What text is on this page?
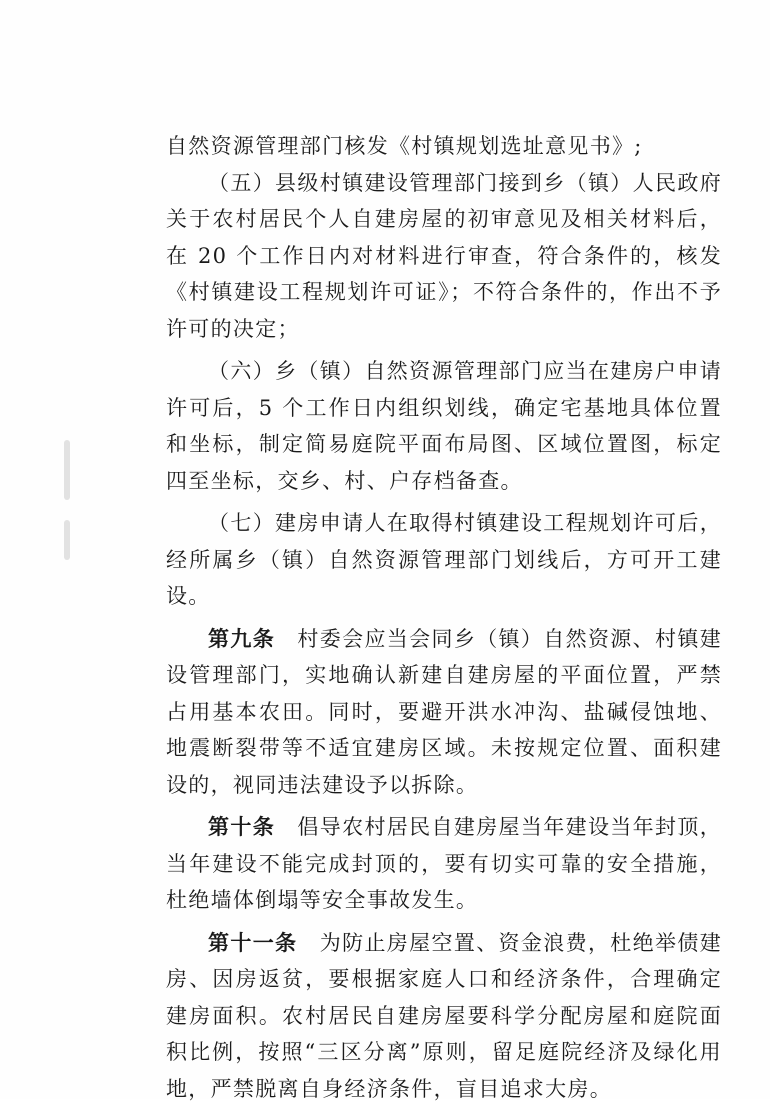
自然资源管理部门核发《村镇规划选址意见书》;

（五）县级村镇建设管理部门接到乡（镇）人民政府关于农村居民个人自建房屋的初审意见及相关材料后，在 20 个工作日内对材料进行审查，符合条件的，核发《村镇建设工程规划许可证》；不符合条件的，作出不予许可的决定；

（六）乡（镇）自然资源管理部门应当在建房户申请许可后，5 个工作日内组织划线，确定宅基地具体位置和坐标，制定简易庭院平面布局图、区域位置图，标定四至坐标，交乡、村、户存档备查。

（七）建房申请人在取得村镇建设工程规划许可后，经所属乡（镇）自然资源管理部门划线后，方可开工建设。

第九条　村委会应当会同乡（镇）自然资源、村镇建设管理部门，实地确认新建自建房屋的平面位置，严禁占用基本农田。同时，要避开洪水冲沟、盐碱侵蚀地、地震断裂带等不适宜建房区域。未按规定位置、面积建设的，视同违法建设予以拆除。

第十条　倡导农村居民自建房屋当年建设当年封顶，当年建设不能完成封顶的，要有切实可靠的安全措施，杜绝墙体倒塌等安全事故发生。

第十一条　为防止房屋空置、资金浪费，杜绝举债建房、因房返贫，要根据家庭人口和经济条件，合理确定建房面积。农村居民自建房屋要科学分配房屋和庭院面积比例，按照“三区分离”原则，留足庭院经济及绿化用地，严禁脱离自身经济条件，盲目追求大房。
